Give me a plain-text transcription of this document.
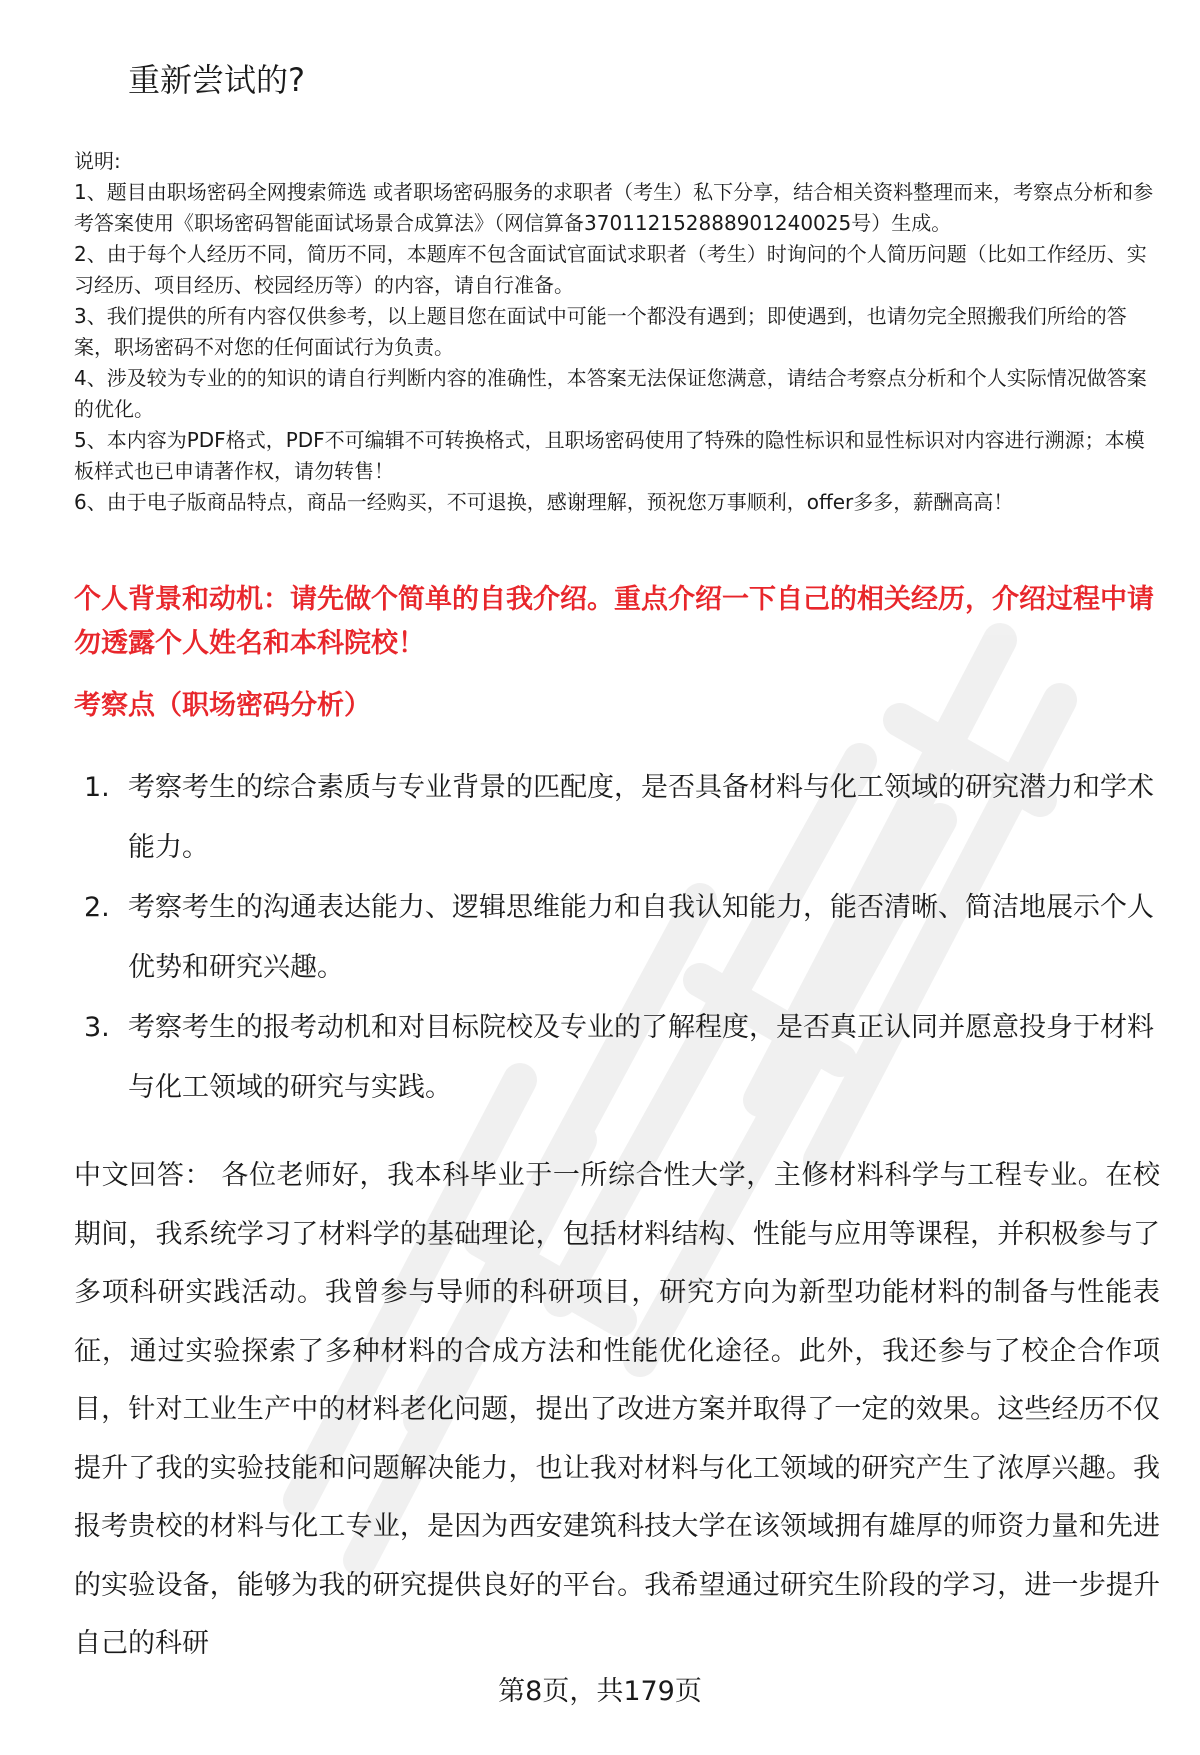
重新尝试的?

说明:

1、题目由职场密码全网搜索筛选 或者职场密码服务的求职者（考生）私下分享，结合相关资料整理而来，考察点分析和参考答案使用《职场密码智能面试场景合成算法》（网信算备370112152888901240025号）生成。

2、由于每个人经历不同，简历不同，本题库不包含面试官面试求职者（考生）时询问的个人简历问题（比如工作经历、实习经历、项目经历、校园经历等）的内容，请自行准备。

3、我们提供的所有内容仅供参考，以上题目您在面试中可能一个都没有遇到；即使遇到，也请勿完全照搬我们所给的答案，职场密码不对您的任何面试行为负责。

4、涉及较为专业的的知识的请自行判断内容的准确性，本答案无法保证您满意，请结合考察点分析和个人实际情况做答案的优化。

5、本内容为PDF格式，PDF不可编辑不可转换格式，且职场密码使用了特殊的隐性标识和显性标识对内容进行溯源；本模板样式也已申请著作权，请勿转售！

6、由于电子版商品特点，商品一经购买，不可退换，感谢理解，预祝您万事顺利，offer多多，薪酬高高！

个人背景和动机：请先做个简单的自我介绍。重点介绍一下自己的相关经历，介绍过程中请勿透露个人姓名和本科院校！
考察点（职场密码分析）
1. 考察考生的综合素质与专业背景的匹配度，是否具备材料与化工领域的研究潜力和学术能力。
2. 考察考生的沟通表达能力、逻辑思维能力和自我认知能力，能否清晰、简洁地展示个人优势和研究兴趣。
3. 考察考生的报考动机和对目标院校及专业的了解程度，是否真正认同并愿意投身于材料与化工领域的研究与实践。

中文回答： 各位老师好，我本科毕业于一所综合性大学，主修材料科学与工程专业。在校期间，我系统学习了材料学的基础理论，包括材料结构、性能与应用等课程，并积极参与了多项科研实践活动。我曾参与导师的科研项目，研究方向为新型功能材料的制备与性能表征，通过实验探索了多种材料的合成方法和性能优化途径。此外，我还参与了校企合作项目，针对工业生产中的材料老化问题，提出了改进方案并取得了一定的效果。这些经历不仅提升了我的实验技能和问题解决能力，也让我对材料与化工领域的研究产生了浓厚兴趣。我报考贵校的材料与化工专业，是因为西安建筑科技大学在该领域拥有雄厚的师资力量和先进的实验设备，能够为我的研究提供良好的平台。我希望通过研究生阶段的学习，进一步提升自己的科研

第8页，共179页
